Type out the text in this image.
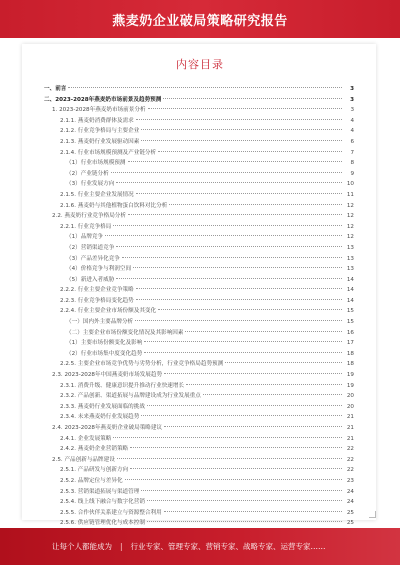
燕麦奶企业破局策略研究报告
内容目录
一、前言	3
二、2023-2028年燕麦奶市场前景及趋势预测	3
1. 2023-2028年燕麦奶市场前景分析	3
2.1.1. 燕麦奶消费群体及需求	4
2.1.2. 行业竞争格局与主要企业	4
2.1.3. 燕麦奶行业发展驱动因素	6
2.1.4. 行业市场规模预测及产业链分析	7
（1）行业市场规模预测	8
（2）产业链分析	9
（3）行业发展方向	10
2.1.5. 行业主要企业发展情况	11
2.1.6. 燕麦奶与其他植物蛋白饮料对比分析	12
2.2. 燕麦奶行业竞争格局分析	12
2.2.1. 行业竞争格局	12
（1）品牌竞争	12
（2）营销渠道竞争	13
（3）产品差异化竞争	13
（4）价格竞争与利润空间	13
（5）新进入者威胁	14
2.2.2. 行业主要企业竞争策略	14
2.2.3. 行业竞争格局变化趋势	14
2.2.4. 行业主要企业市场份额及其变化	15
（一）国内外主要品牌分析	15
（二）主要企业市场份额变化情况及其影响因素	16
（1）主要市场份额变化及影响	17
（2）行业市场集中度变化趋势	18
2.2.5. 主要企业市场竞争优势与劣势分析，行业竞争格局趋势预测	18
2.3. 2023-2028年中国燕麦奶市场发展趋势	19
2.3.1. 消费升级、健康意识提升推动行业快速增长	19
2.3.2. 产品创新、渠道拓展与品牌建设成为行业发展重点	20
2.3.3. 燕麦奶行业发展面临的挑战	20
2.3.4. 未来燕麦奶行业发展趋势	21
2.4. 2023-2028年燕麦奶企业破局策略建议	21
2.4.1. 企业发展策略	21
2.4.2. 燕麦奶企业营销策略	22
2.5. 产品创新与品牌建设	22
2.5.1. 产品研发与创新方向	22
2.5.2. 品牌定位与差异化	23
2.5.3. 营销渠道拓展与渠道管理	24
2.5.4. 线上线下融合与数字化营销	24
2.5.5. 合作伙伴关系建立与资源整合利用	25
2.5.6. 供应链管理优化与成本控制	25
让每个人都能成为 | 行业专家、管理专家、营销专家、战略专家、运营专家……
